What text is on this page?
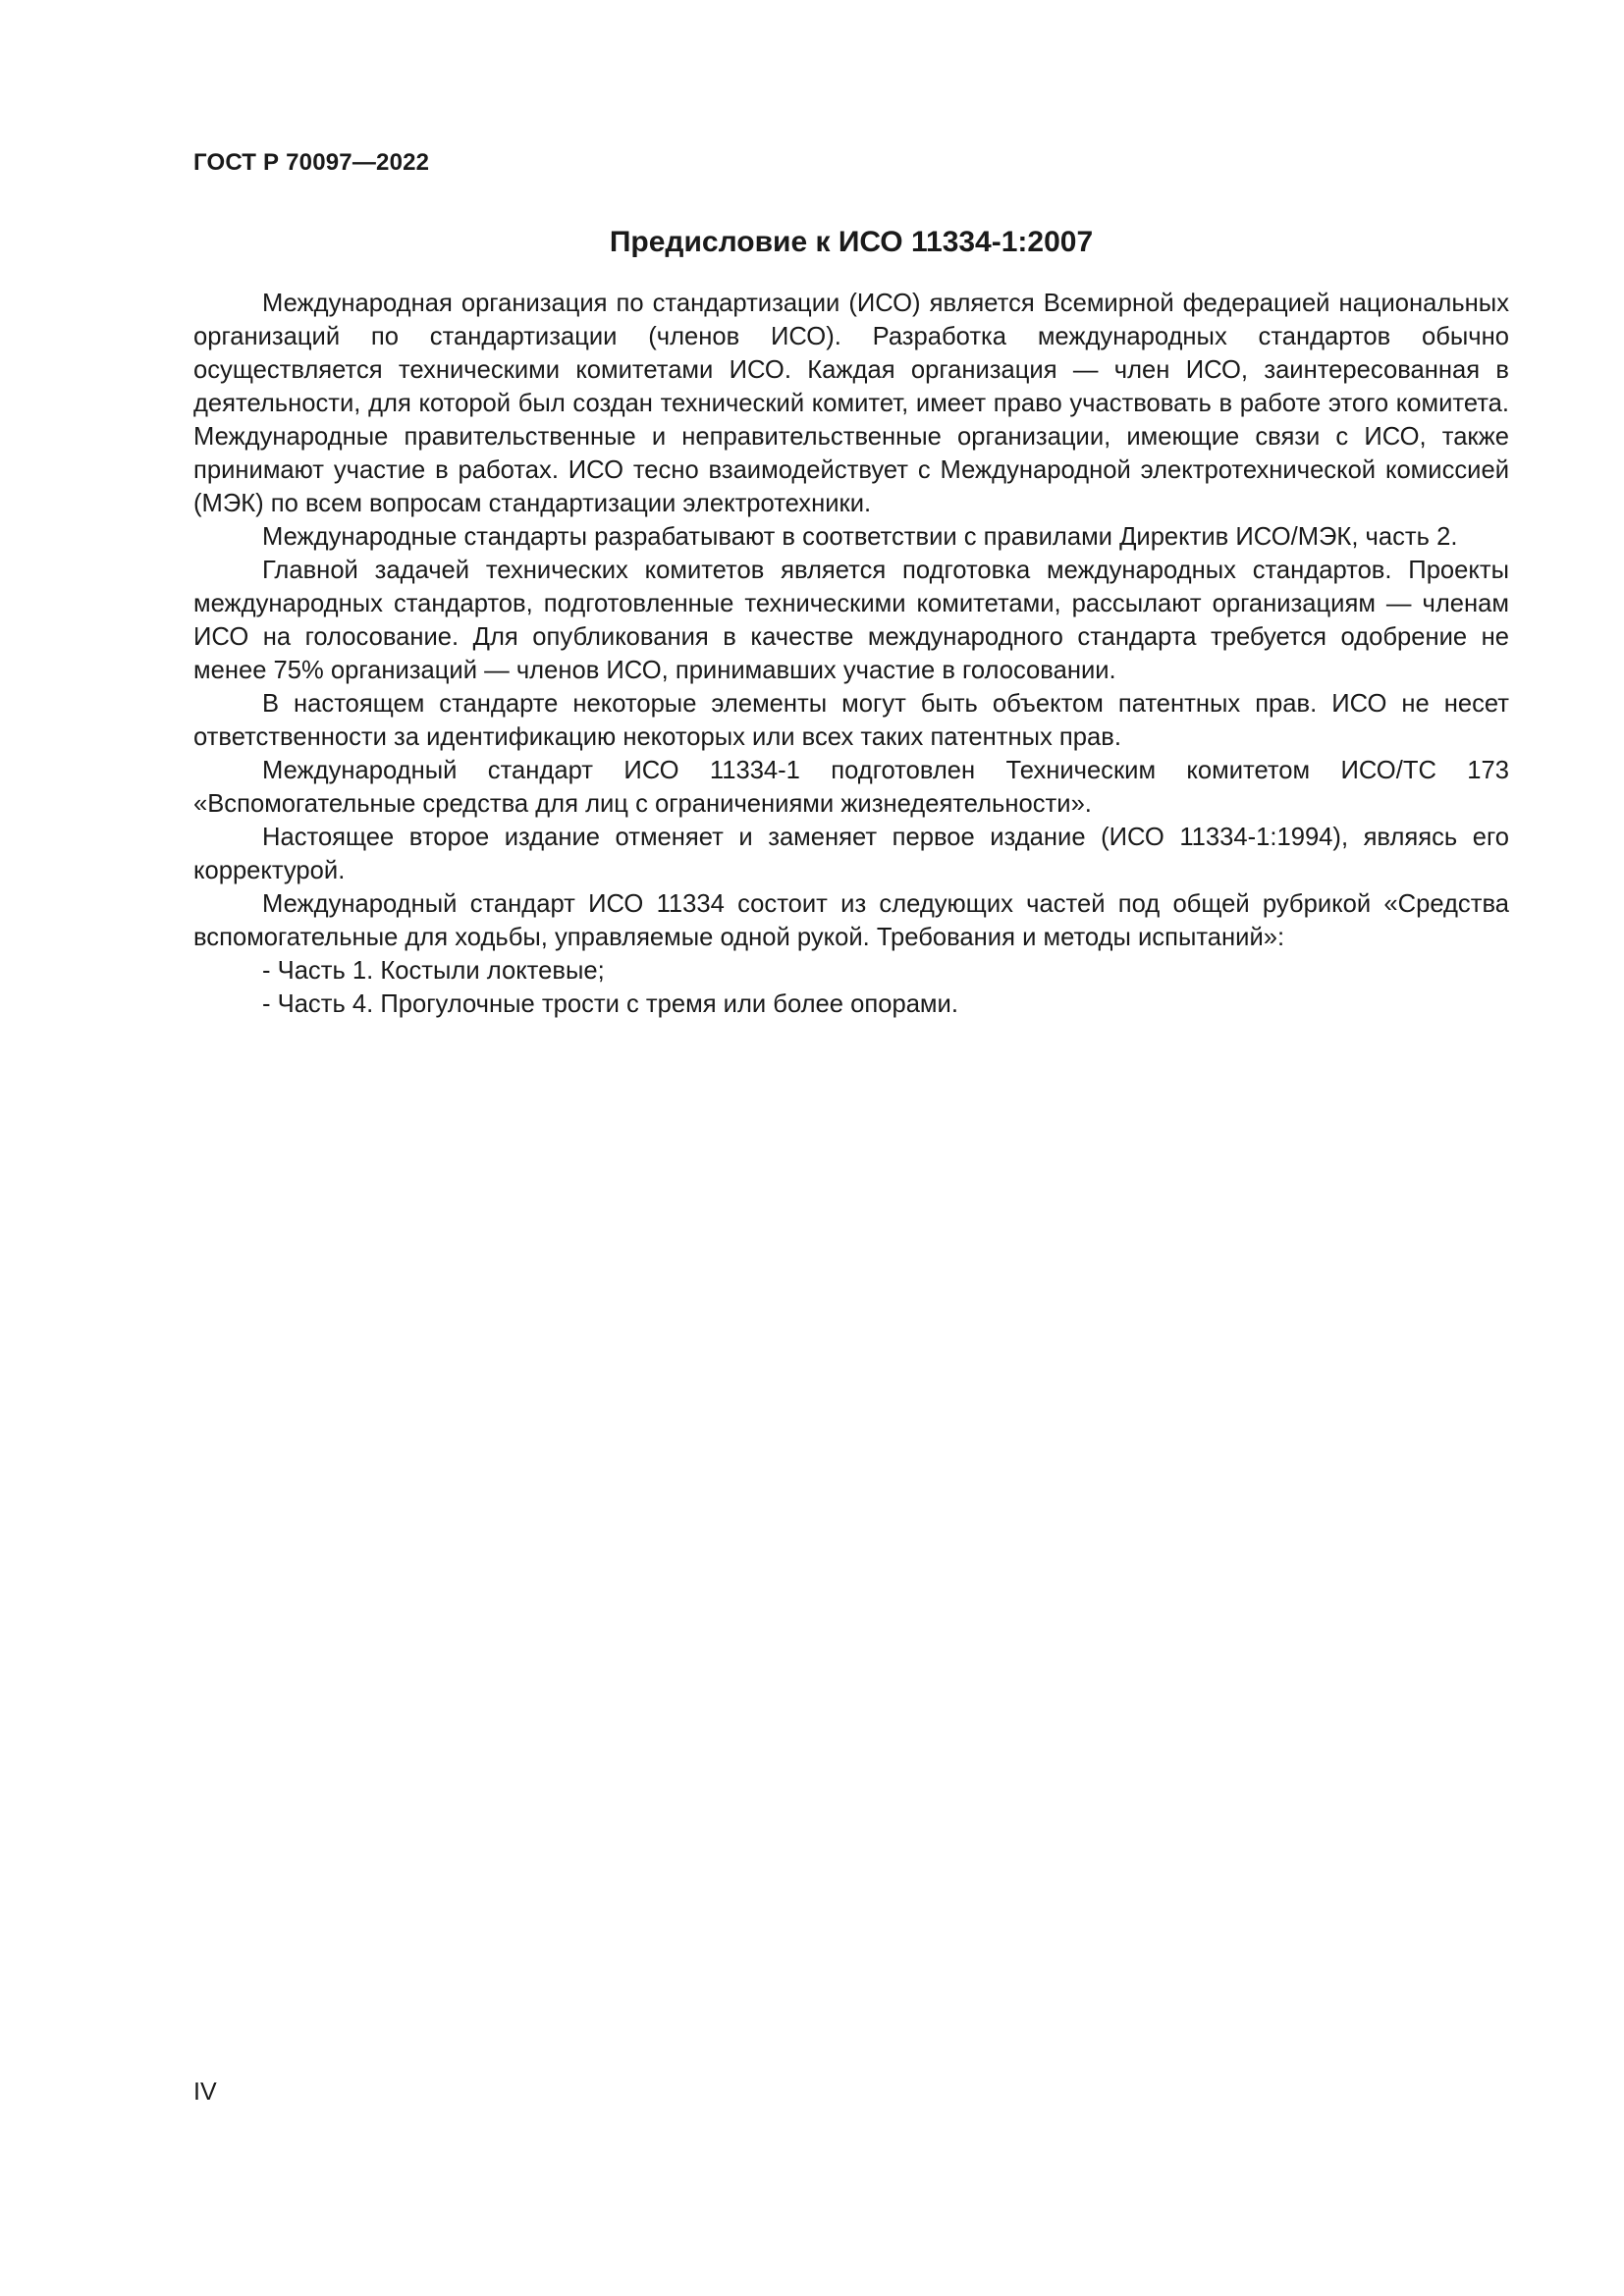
ГОСТ Р 70097—2022
Предисловие к ИСО 11334-1:2007

Международная организация по стандартизации (ИСО) является Всемирной федерацией национальных организаций по стандартизации (членов ИСО). Разработка международных стандартов обычно осуществляется техническими комитетами ИСО. Каждая организация — член ИСО, заинтересованная в деятельности, для которой был создан технический комитет, имеет право участвовать в работе этого комитета. Международные правительственные и неправительственные организации, имеющие связи с ИСО, также принимают участие в работах. ИСО тесно взаимодействует с Международной электротехнической комиссией (МЭК) по всем вопросам стандартизации электротехники.

Международные стандарты разрабатывают в соответствии с правилами Директив ИСО/МЭК, часть 2.

Главной задачей технических комитетов является подготовка международных стандартов. Проекты международных стандартов, подготовленные техническими комитетами, рассылают организациям — членам ИСО на голосование. Для опубликования в качестве международного стандарта требуется одобрение не менее 75% организаций — членов ИСО, принимавших участие в голосовании.

В настоящем стандарте некоторые элементы могут быть объектом патентных прав. ИСО не несет ответственности за идентификацию некоторых или всех таких патентных прав.

Международный стандарт ИСО 11334-1 подготовлен Техническим комитетом ИСО/ТС 173 «Вспомогательные средства для лиц с ограничениями жизнедеятельности».

Настоящее второе издание отменяет и заменяет первое издание (ИСО 11334-1:1994), являясь его корректурой.

Международный стандарт ИСО 11334 состоит из следующих частей под общей рубрикой «Средства вспомогательные для ходьбы, управляемые одной рукой. Требования и методы испытаний»:

- Часть 1. Костыли локтевые;
- Часть 4. Прогулочные трости с тремя или более опорами.
IV
